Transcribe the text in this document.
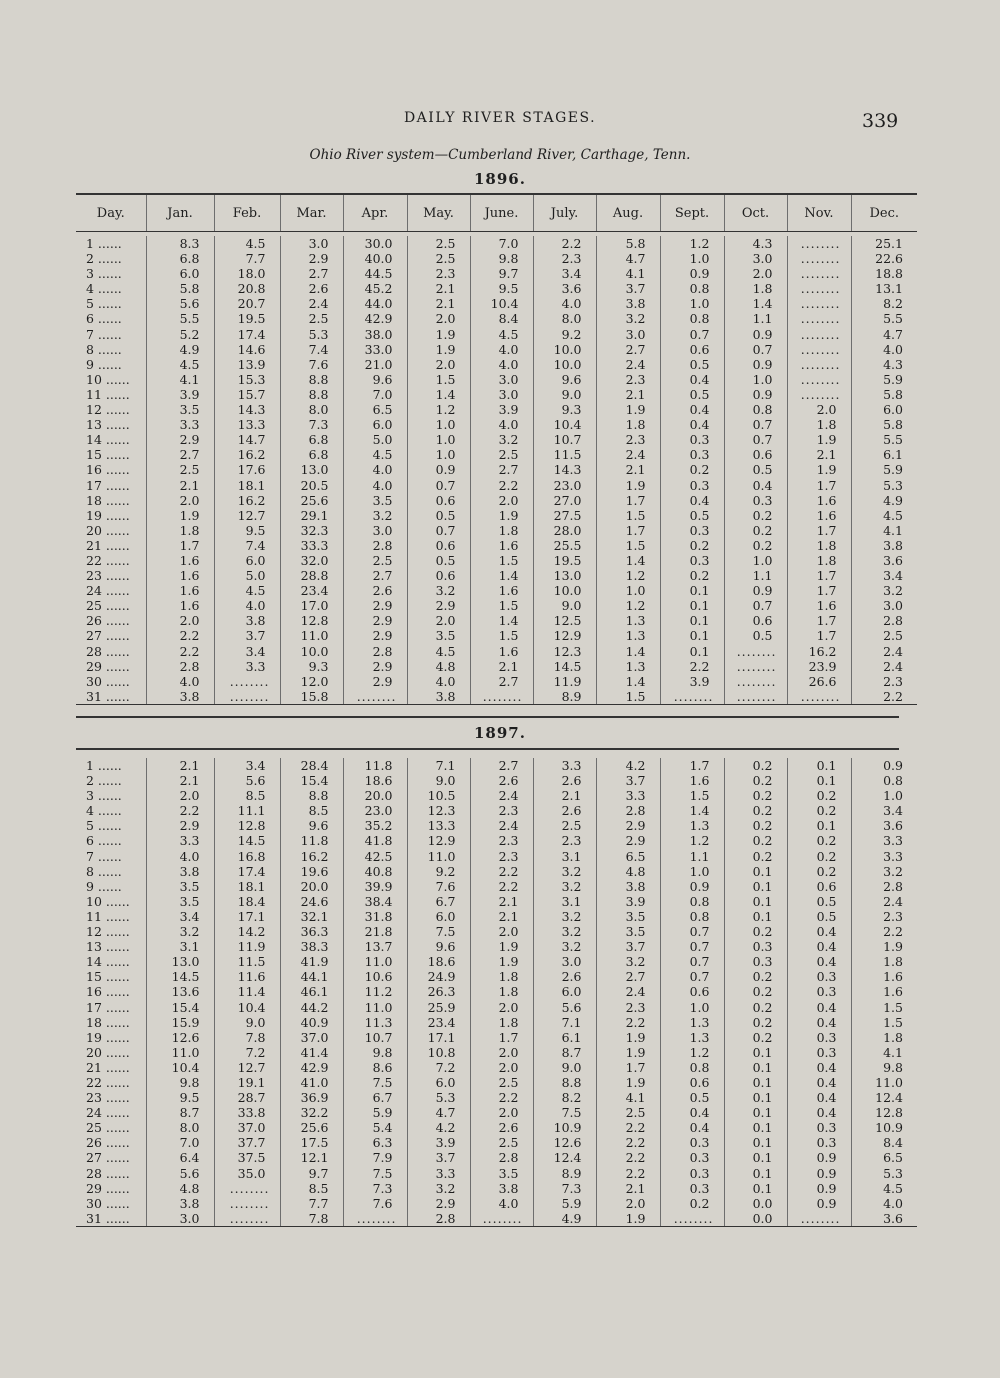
DAILY RIVER STAGES.	339
Ohio River system—Cumberland River, Carthage, Tenn.
1896.
Day.	Jan.	Feb.	Mar.	Apr.	May.	June.	July.	Aug.	Sept.	Oct.	Nov.	Dec.
1 ......	8.3	4.5	3.0	30.0	2.5	7.0	2.2	5.8	1.2	4.3	........	25.1
2 ......	6.8	7.7	2.9	40.0	2.5	9.8	2.3	4.7	1.0	3.0	........	22.6
3 ......	6.0	18.0	2.7	44.5	2.3	9.7	3.4	4.1	0.9	2.0	........	18.8
4 ......	5.8	20.8	2.6	45.2	2.1	9.5	3.6	3.7	0.8	1.8	........	13.1
5 ......	5.6	20.7	2.4	44.0	2.1	10.4	4.0	3.8	1.0	1.4	........	8.2
6 ......	5.5	19.5	2.5	42.9	2.0	8.4	8.0	3.2	0.8	1.1	........	5.5
7 ......	5.2	17.4	5.3	38.0	1.9	4.5	9.2	3.0	0.7	0.9	........	4.7
8 ......	4.9	14.6	7.4	33.0	1.9	4.0	10.0	2.7	0.6	0.7	........	4.0
9 ......	4.5	13.9	7.6	21.0	2.0	4.0	10.0	2.4	0.5	0.9	........	4.3
10 ......	4.1	15.3	8.8	9.6	1.5	3.0	9.6	2.3	0.4	1.0	........	5.9
11 ......	3.9	15.7	8.8	7.0	1.4	3.0	9.0	2.1	0.5	0.9	........	5.8
12 ......	3.5	14.3	8.0	6.5	1.2	3.9	9.3	1.9	0.4	0.8	2.0	6.0
13 ......	3.3	13.3	7.3	6.0	1.0	4.0	10.4	1.8	0.4	0.7	1.8	5.8
14 ......	2.9	14.7	6.8	5.0	1.0	3.2	10.7	2.3	0.3	0.7	1.9	5.5
15 ......	2.7	16.2	6.8	4.5	1.0	2.5	11.5	2.4	0.3	0.6	2.1	6.1
16 ......	2.5	17.6	13.0	4.0	0.9	2.7	14.3	2.1	0.2	0.5	1.9	5.9
17 ......	2.1	18.1	20.5	4.0	0.7	2.2	23.0	1.9	0.3	0.4	1.7	5.3
18 ......	2.0	16.2	25.6	3.5	0.6	2.0	27.0	1.7	0.4	0.3	1.6	4.9
19 ......	1.9	12.7	29.1	3.2	0.5	1.9	27.5	1.5	0.5	0.2	1.6	4.5
20 ......	1.8	9.5	32.3	3.0	0.7	1.8	28.0	1.7	0.3	0.2	1.7	4.1
21 ......	1.7	7.4	33.3	2.8	0.6	1.6	25.5	1.5	0.2	0.2	1.8	3.8
22 ......	1.6	6.0	32.0	2.5	0.5	1.5	19.5	1.4	0.3	1.0	1.8	3.6
23 ......	1.6	5.0	28.8	2.7	0.6	1.4	13.0	1.2	0.2	1.1	1.7	3.4
24 ......	1.6	4.5	23.4	2.6	3.2	1.6	10.0	1.0	0.1	0.9	1.7	3.2
25 ......	1.6	4.0	17.0	2.9	2.9	1.5	9.0	1.2	0.1	0.7	1.6	3.0
26 ......	2.0	3.8	12.8	2.9	2.0	1.4	12.5	1.3	0.1	0.6	1.7	2.8
27 ......	2.2	3.7	11.0	2.9	3.5	1.5	12.9	1.3	0.1	0.5	1.7	2.5
28 ......	2.2	3.4	10.0	2.8	4.5	1.6	12.3	1.4	0.1	........	16.2	2.4
29 ......	2.8	3.3	9.3	2.9	4.8	2.1	14.5	1.3	2.2	........	23.9	2.4
30 ......	4.0	........	12.0	2.9	4.0	2.7	11.9	1.4	3.9	........	26.6	2.3
31 ......	3.8	........	15.8	........	3.8	........	8.9	1.5	........	........	........	2.2
1897.
1 ......	2.1	3.4	28.4	11.8	7.1	2.7	3.3	4.2	1.7	0.2	0.1	0.9
2 ......	2.1	5.6	15.4	18.6	9.0	2.6	2.6	3.7	1.6	0.2	0.1	0.8
3 ......	2.0	8.5	8.8	20.0	10.5	2.4	2.1	3.3	1.5	0.2	0.2	1.0
4 ......	2.2	11.1	8.5	23.0	12.3	2.3	2.6	2.8	1.4	0.2	0.2	3.4
5 ......	2.9	12.8	9.6	35.2	13.3	2.4	2.5	2.9	1.3	0.2	0.1	3.6
6 ......	3.3	14.5	11.8	41.8	12.9	2.3	2.3	2.9	1.2	0.2	0.2	3.3
7 ......	4.0	16.8	16.2	42.5	11.0	2.3	3.1	6.5	1.1	0.2	0.2	3.3
8 ......	3.8	17.4	19.6	40.8	9.2	2.2	3.2	4.8	1.0	0.1	0.2	3.2
9 ......	3.5	18.1	20.0	39.9	7.6	2.2	3.2	3.8	0.9	0.1	0.6	2.8
10 ......	3.5	18.4	24.6	38.4	6.7	2.1	3.1	3.9	0.8	0.1	0.5	2.4
11 ......	3.4	17.1	32.1	31.8	6.0	2.1	3.2	3.5	0.8	0.1	0.5	2.3
12 ......	3.2	14.2	36.3	21.8	7.5	2.0	3.2	3.5	0.7	0.2	0.4	2.2
13 ......	3.1	11.9	38.3	13.7	9.6	1.9	3.2	3.7	0.7	0.3	0.4	1.9
14 ......	13.0	11.5	41.9	11.0	18.6	1.9	3.0	3.2	0.7	0.3	0.4	1.8
15 ......	14.5	11.6	44.1	10.6	24.9	1.8	2.6	2.7	0.7	0.2	0.3	1.6
16 ......	13.6	11.4	46.1	11.2	26.3	1.8	6.0	2.4	0.6	0.2	0.3	1.6
17 ......	15.4	10.4	44.2	11.0	25.9	2.0	5.6	2.3	1.0	0.2	0.4	1.5
18 ......	15.9	9.0	40.9	11.3	23.4	1.8	7.1	2.2	1.3	0.2	0.4	1.5
19 ......	12.6	7.8	37.0	10.7	17.1	1.7	6.1	1.9	1.3	0.2	0.3	1.8
20 ......	11.0	7.2	41.4	9.8	10.8	2.0	8.7	1.9	1.2	0.1	0.3	4.1
21 ......	10.4	12.7	42.9	8.6	7.2	2.0	9.0	1.7	0.8	0.1	0.4	9.8
22 ......	9.8	19.1	41.0	7.5	6.0	2.5	8.8	1.9	0.6	0.1	0.4	11.0
23 ......	9.5	28.7	36.9	6.7	5.3	2.2	8.2	4.1	0.5	0.1	0.4	12.4
24 ......	8.7	33.8	32.2	5.9	4.7	2.0	7.5	2.5	0.4	0.1	0.4	12.8
25 ......	8.0	37.0	25.6	5.4	4.2	2.6	10.9	2.2	0.4	0.1	0.3	10.9
26 ......	7.0	37.7	17.5	6.3	3.9	2.5	12.6	2.2	0.3	0.1	0.3	8.4
27 ......	6.4	37.5	12.1	7.9	3.7	2.8	12.4	2.2	0.3	0.1	0.9	6.5
28 ......	5.6	35.0	9.7	7.5	3.3	3.5	8.9	2.2	0.3	0.1	0.9	5.3
29 ......	4.8	........	8.5	7.3	3.2	3.8	7.3	2.1	0.3	0.1	0.9	4.5
30 ......	3.8	........	7.7	7.6	2.9	4.0	5.9	2.0	0.2	0.0	0.9	4.0
31 ......	3.0	........	7.8	........	2.8	........	4.9	1.9	........	0.0	........	3.6
